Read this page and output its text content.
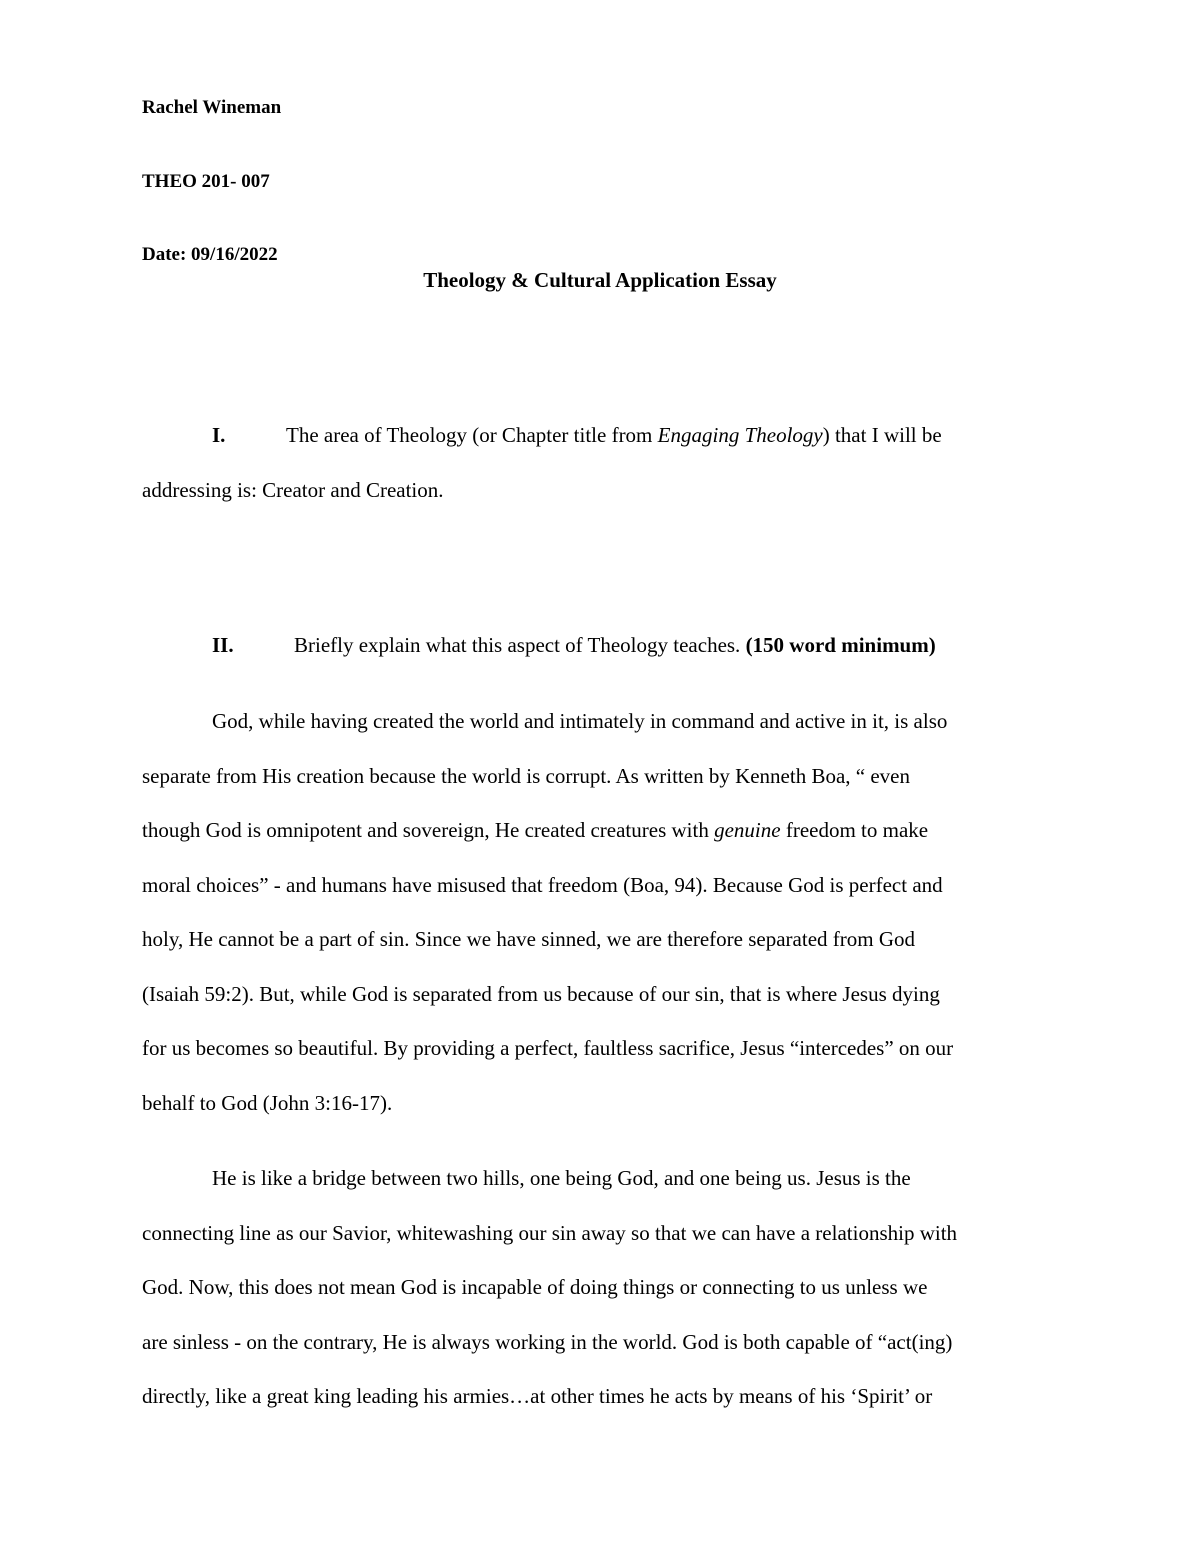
Rachel Wineman

THEO 201- 007

Date: 09/16/2022

Theology & Cultural Application Essay

I.	The area of Theology (or Chapter title from Engaging Theology) that I will be
addressing is: Creator and Creation.
II.	Briefly explain what this aspect of Theology teaches. (150 word minimum)
God, while having created the world and intimately in command and active in it, is also
separate from His creation because the world is corrupt. As written by Kenneth Boa, “ even
though God is omnipotent and sovereign, He created creatures with genuine freedom to make
moral choices” - and humans have misused that freedom (Boa, 94). Because God is perfect and
holy, He cannot be a part of sin. Since we have sinned, we are therefore separated from God
(Isaiah 59:2). But, while God is separated from us because of our sin, that is where Jesus dying
for us becomes so beautiful. By providing a perfect, faultless sacrifice, Jesus “intercedes” on our
behalf to God (John 3:16-17).
He is like a bridge between two hills, one being God, and one being us. Jesus is the
connecting line as our Savior, whitewashing our sin away so that we can have a relationship with
God. Now, this does not mean God is incapable of doing things or connecting to us unless we
are sinless - on the contrary, He is always working in the world. God is both capable of “act(ing)
directly, like a great king leading his armies…at other times he acts by means of his ‘Spirit’ or
